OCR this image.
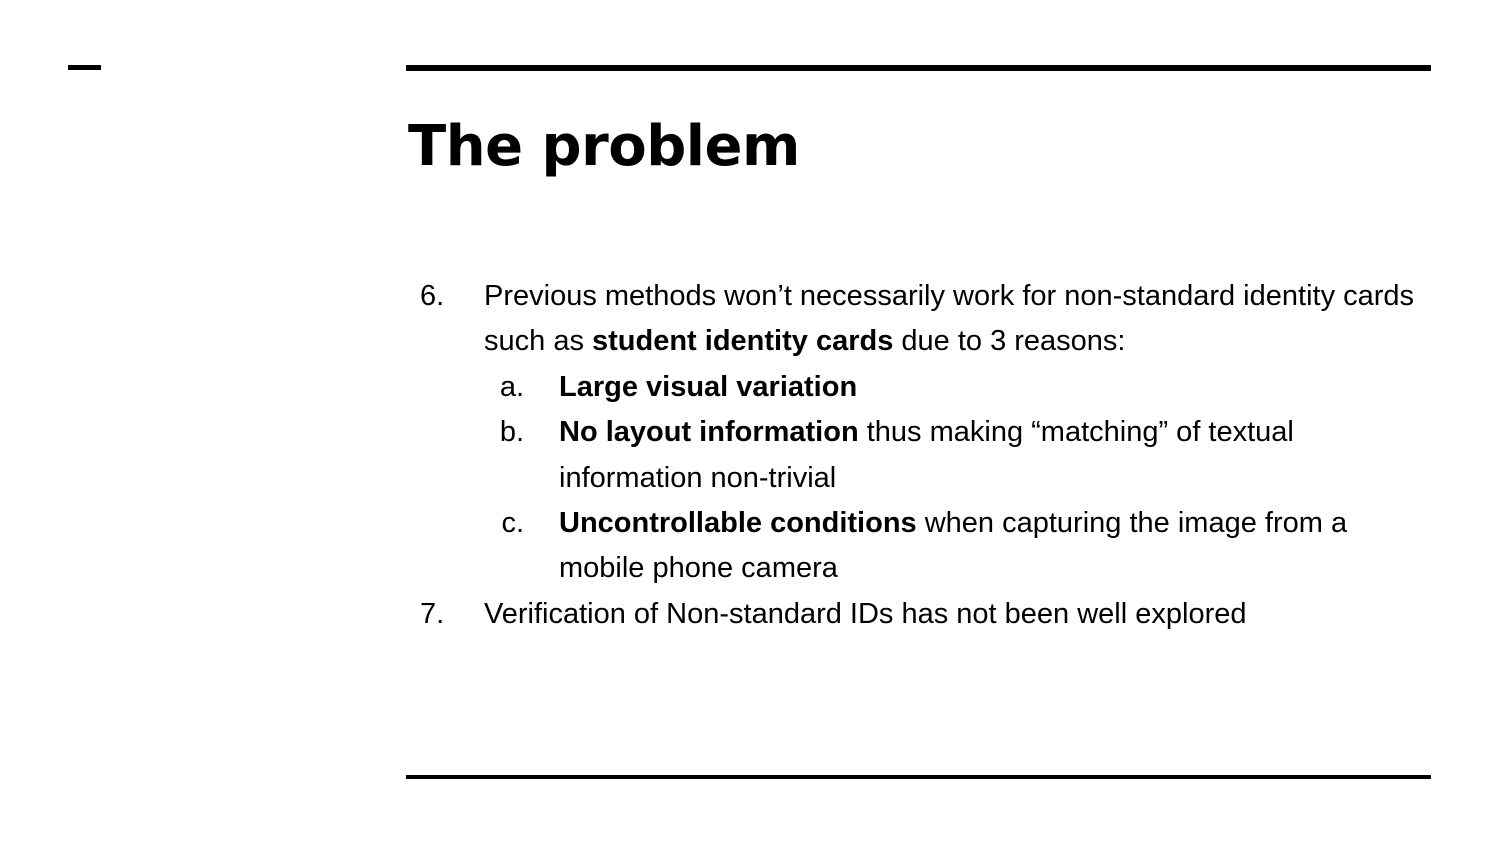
The problem
6. Previous methods won’t necessarily work for non-standard identity cards such as student identity cards due to 3 reasons:
a. Large visual variation
b. No layout information thus making “matching” of textual information non-trivial
c. Uncontrollable conditions when capturing the image from a mobile phone camera
7. Verification of Non-standard IDs has not been well explored
